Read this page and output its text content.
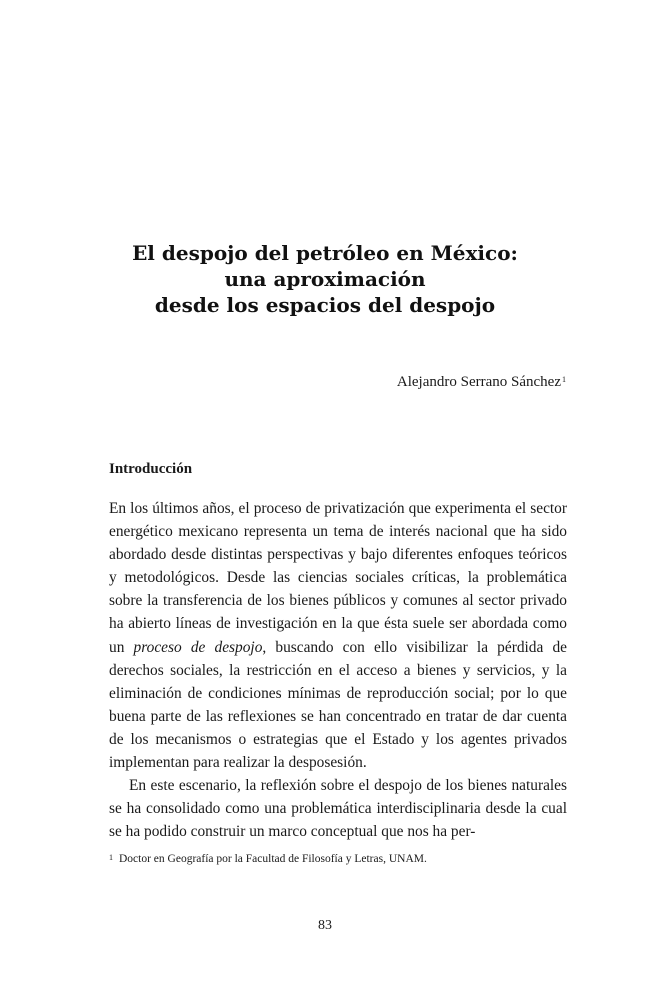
El despojo del petróleo en México:
una aproximación
desde los espacios del despojo
Alejandro Serrano Sánchez$^1$
Introducción

En los últimos años, el proceso de privatización que experimenta el sector energético mexicano representa un tema de interés nacional que ha sido abordado desde distintas perspectivas y bajo diferentes enfoques teóricos y metodológicos. Desde las ciencias sociales críticas, la problemática sobre la transferencia de los bienes públicos y comunes al sector privado ha abierto líneas de investigación en la que ésta suele ser abordada como un proceso de despojo, buscando con ello visibilizar la pérdida de derechos sociales, la restricción en el acceso a bienes y servicios, y la eliminación de condiciones mínimas de reproducción social; por lo que buena parte de las reflexiones se han concentrado en tratar de dar cuenta de los mecanismos o estrategias que el Estado y los agentes privados implementan para realizar la desposesión.

En este escenario, la reflexión sobre el despojo de los bienes naturales se ha consolidado como una problemática interdisciplinaria desde la cual se ha podido construir un marco conceptual que nos ha per-

$^1$ Doctor en Geografía por la Facultad de Filosofía y Letras, UNAM.
83
